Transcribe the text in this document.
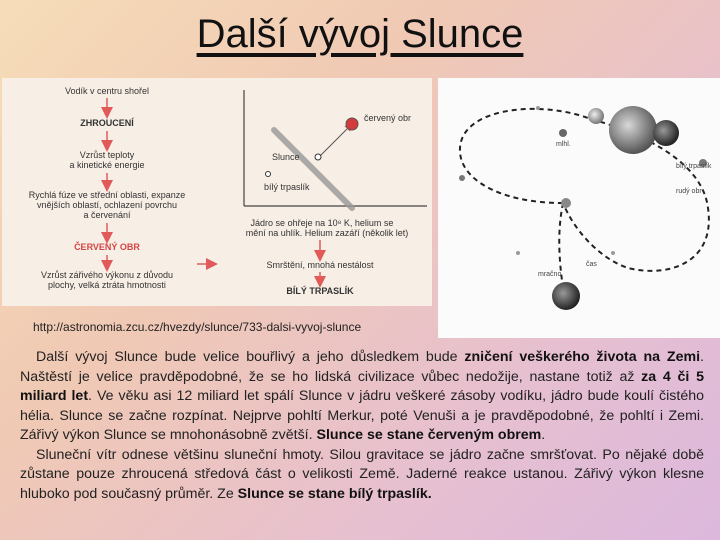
Další vývoj Slunce
Vodík v centru shořel
ZHROUCENÍ
Vzrůst teploty
a kinetické energie
Rychlá fúze ve střední oblasti, expanze
vnějších oblastí, ochlazení povrchu
a červenání
ČERVENÝ OBR
Vzrůst zářivého výkonu z důvodu
plochy, velká ztráta hmotnosti
červený obr
Slunce
bílý trpaslík
Jádro se ohřeje na 10⁸ K, helium se
mění na uhlík. Helium zazáří (několik let)
Smrštění, mnohá nestálost
BÍLÝ TRPASLÍK
mlhl.
bílý trpaslík
rudý obr
mračno
čas
http://astronomia.zcu.cz/hvezdy/slunce/733-dalsi-vyvoj-slunce

Další vývoj Slunce bude velice bouřlivý a jeho důsledkem bude zničení veškerého života na Zemi. Naštěstí je velice pravděpodobné, že se ho lidská civilizace vůbec nedožije, nastane totiž až za 4 či 5 miliard let. Ve věku asi 12 miliard let spálí Slunce v jádru veškeré zásoby vodíku, jádro bude koulí čistého hélia. Slunce se začne rozpínat. Nejprve pohltí Merkur, poté Venuši a je pravděpodobné, že pohltí i Zemi. Zářivý výkon Slunce se mnohonásobně zvětší. Slunce se stane červeným obrem.

Sluneční vítr odnese většinu sluneční hmoty. Silou gravitace se jádro začne smršťovat. Po nějaké době zůstane pouze zhroucená středová část o velikosti Země. Jaderné reakce ustanou. Zářivý výkon klesne hluboko pod současný průměr. Ze Slunce se stane bílý trpaslík.
